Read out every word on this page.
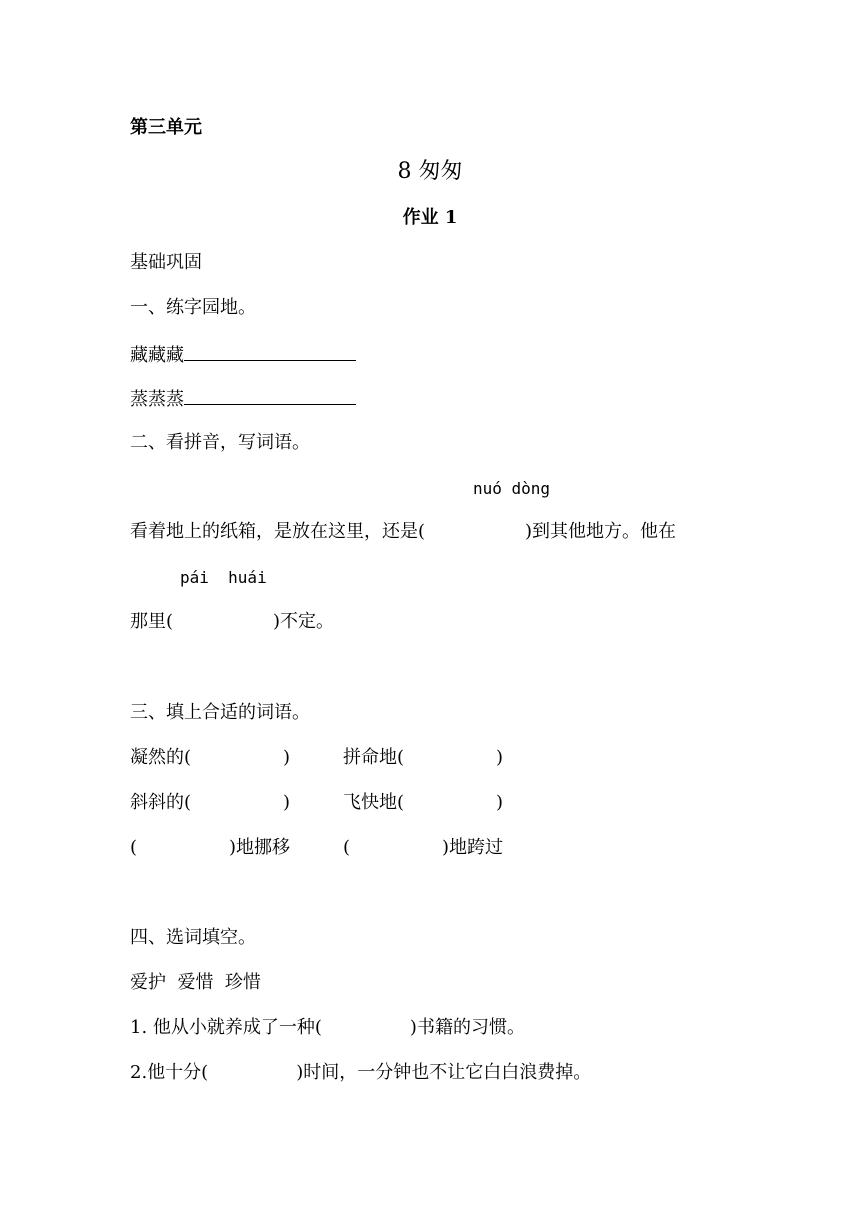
第三单元
8 匆匆
作业 1
基础巩固
一、练字园地。
藏藏藏
蒸蒸蒸
二、看拼音，写词语。
nuó dòng
看着地上的纸箱，是放在这里，还是(	)到其他地方。他在
pái  huái
那里(	)不定。
三、填上合适的词语。
凝然的(	)	拼命地(	)
斜斜的(	)	飞快地(	)
(	)地挪移	(	)地跨过
四、选词填空。
爱护  爱惜  珍惜
1. 他从小就养成了一种(	)书籍的习惯。
2.他十分(	)时间，一分钟也不让它白白浪费掉。
